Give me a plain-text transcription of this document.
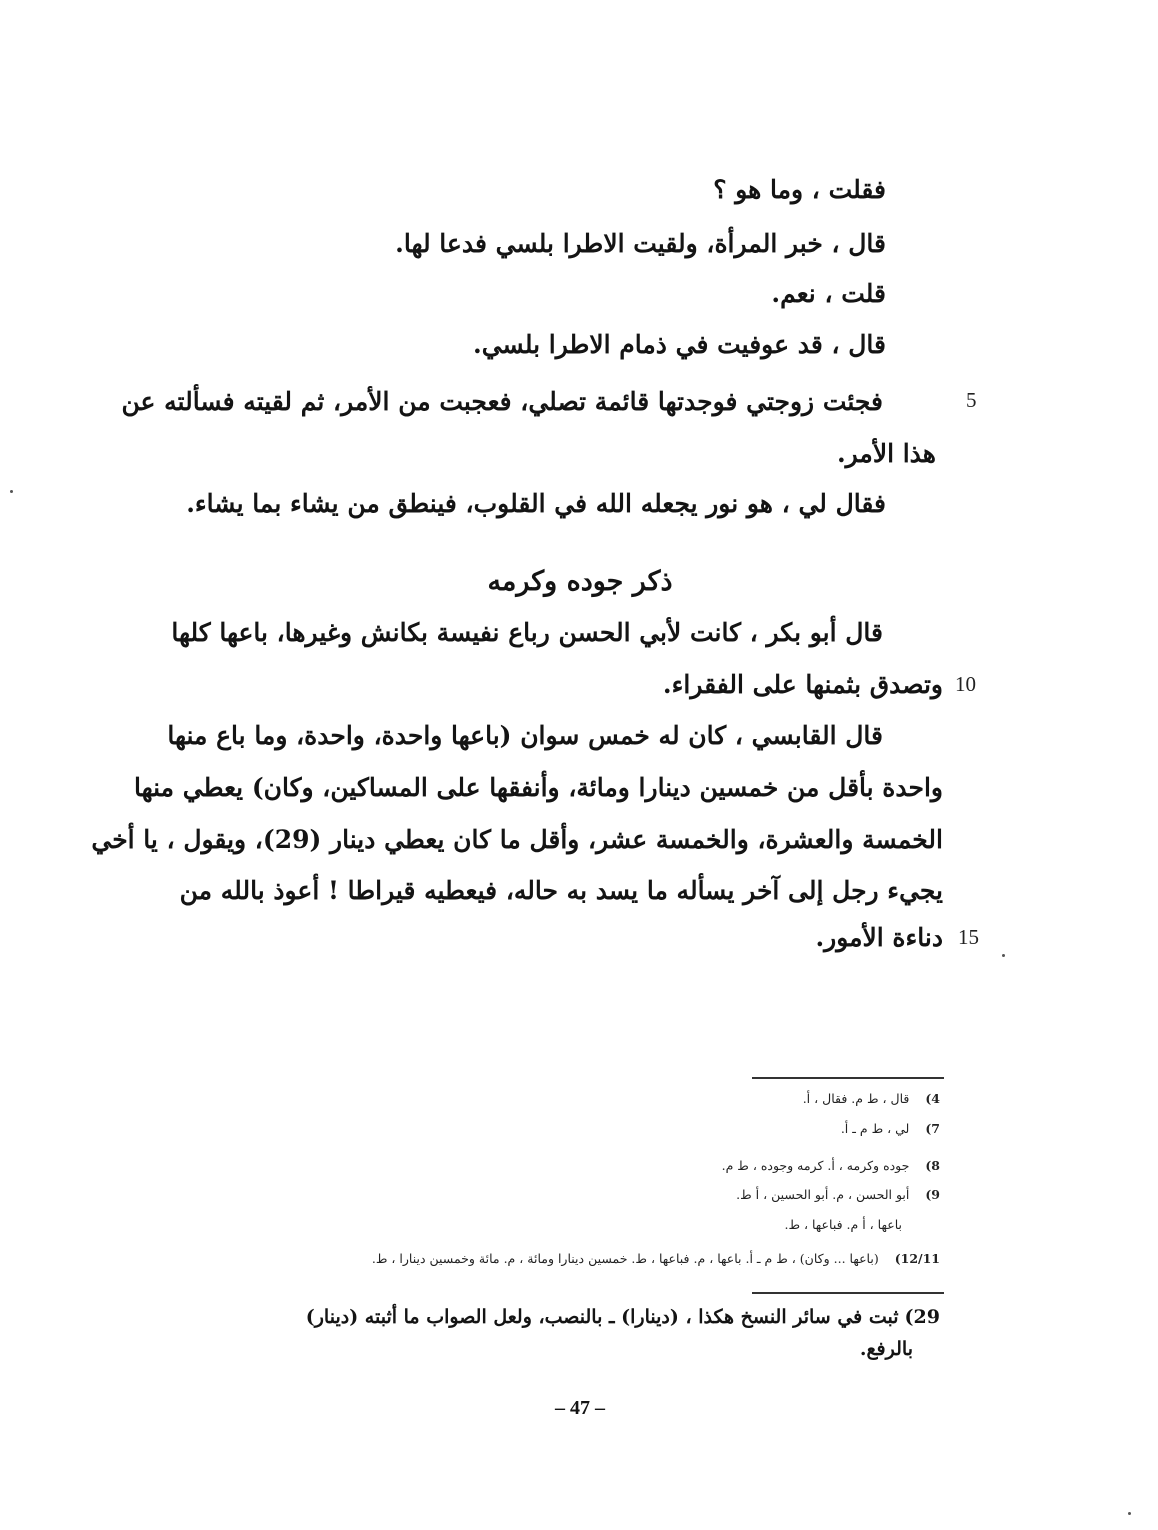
فقلت ، وما هو ؟
قال ، خبر المرأة، ولقيت الاطرا بلسي فدعا لها.
قلت ، نعم.
قال ، قد عوفيت في ذمام الاطرا بلسي.
5
فجئت زوجتي فوجدتها قائمة تصلي، فعجبت من الأمر، ثم لقيته فسألته عن
هذا الأمر.
فقال لي ، هو نور يجعله الله في القلوب، فينطق من يشاء بما يشاء.
ذكر جوده وكرمه
قال أبو بكر ، كانت لأبي الحسن رباع نفيسة بكانش وغيرها، باعها كلها
10
وتصدق بثمنها على الفقراء.
قال القابسي ، كان له خمس سوان (باعها واحدة، واحدة، وما باع منها
واحدة بأقل من خمسين دينارا ومائة، وأنفقها على المساكين، وكان) يعطي منها
الخمسة والعشرة، والخمسة عشر، وأقل ما كان يعطي دينار (29)، ويقول ، يا أخي
يجيء رجل إلى آخر يسأله ما يسد به حاله، فيعطيه قيراطا ! أعوذ بالله من
15
دناءة الأمور.
4)قال ، ط م. فقال ، أ.
7)لي ، ط م ـ أ.
8)جوده وكرمه ، أ. كرمه وجوده ، ط م.
9)أبو الحسن ، م. أبو الحسين ، أ ط.
باعها ، أ م. فباعها ، ط.
12/11)(باعها ... وكان) ، ط م ـ أ. باعها ، م. فباعها ، ط. خمسين دينارا ومائة ، م. مائة وخمسين دينارا ، ط.
29)ثبت في سائر النسخ هكذا ، (دينارا) ـ بالنصب، ولعل الصواب ما أثبته (دينار)
بالرفع.
– 47 –
